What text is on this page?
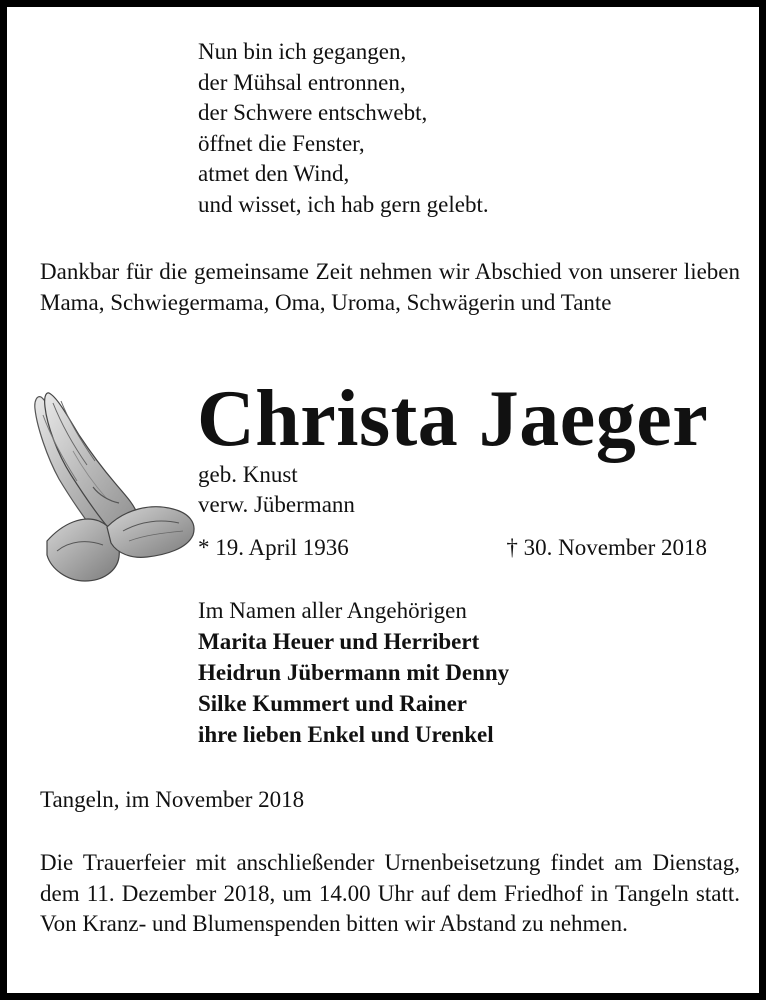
Nun bin ich gegangen,
der Mühsal entronnen,
der Schwere entschwebt,
öffnet die Fenster,
atmet den Wind,
und wisset, ich hab gern gelebt.
Dankbar für die gemeinsame Zeit nehmen wir Abschied von unserer lieben Mama, Schwiegermama, Oma, Uroma, Schwägerin und Tante
Christa Jaeger
geb. Knust
verw. Jübermann
* 19. April 1936	† 30. November 2018
Im Namen aller Angehörigen
Marita Heuer und Herribert
Heidrun Jübermann mit Denny
Silke Kummert und Rainer
ihre lieben Enkel und Urenkel
Tangeln, im November 2018
Die Trauerfeier mit anschließender Urnenbeisetzung findet am Dienstag, dem 11. Dezember 2018, um 14.00 Uhr auf dem Friedhof in Tangeln statt. Von Kranz- und Blumenspenden bitten wir Abstand zu nehmen.
